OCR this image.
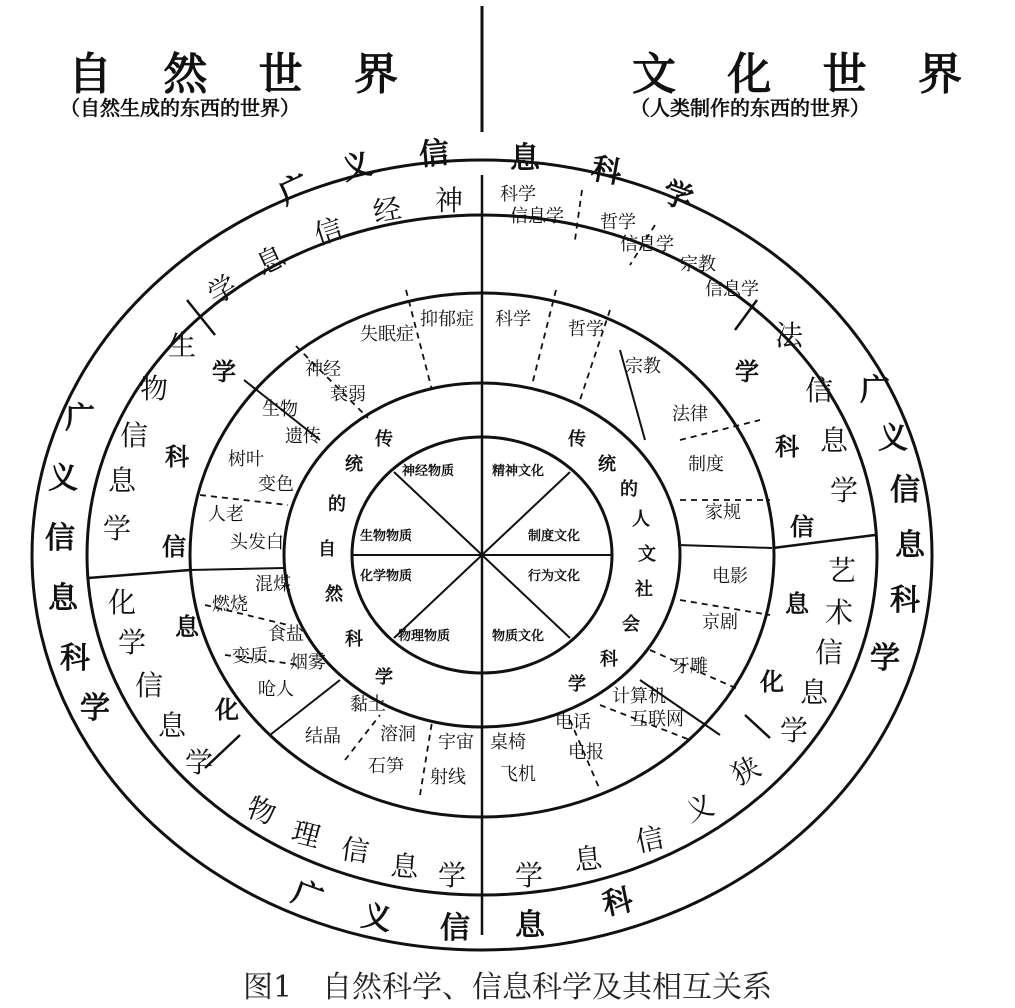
自 然 世 界
（自然生成的东西的世界）
文 化 世 界
（人类制作的东西的世界）
广
义 信 息 科
学
广
义
信
息
科
学
广
义
信
息
科
学
广
义 信 息
科
神
经
信
息
学
生
物
信
息
学
化
学
信
息
学
物
理 信 息 学 学 息
信
义
狭
艺
术
信
息
学
法
信
息
学
科学
信息学 哲学
信息学
宗教
信息学
学
科
信
息
化
学
科
信
息
化
抑郁症
失眠症
神经
衰弱
生物
遗传
树叶
变色
人老
头发白
燃烧
混煤
食盐
变质 烟雾
呛人
黏土
结晶 溶洞
石笋
宇宙
射线
科学 哲学
宗教
法律
制度
家规
电影
京剧
牙雕
计算机
互联网
电话
电报
桌椅
飞机
传
统
的
自
然
科
学
传
统
的
人
文
社
会
科
学
神经物质	精神文化
生物物质	制度文化
化学物质	行为文化
物理物质	物质文化
图1　自然科学、信息科学及其相互关系
